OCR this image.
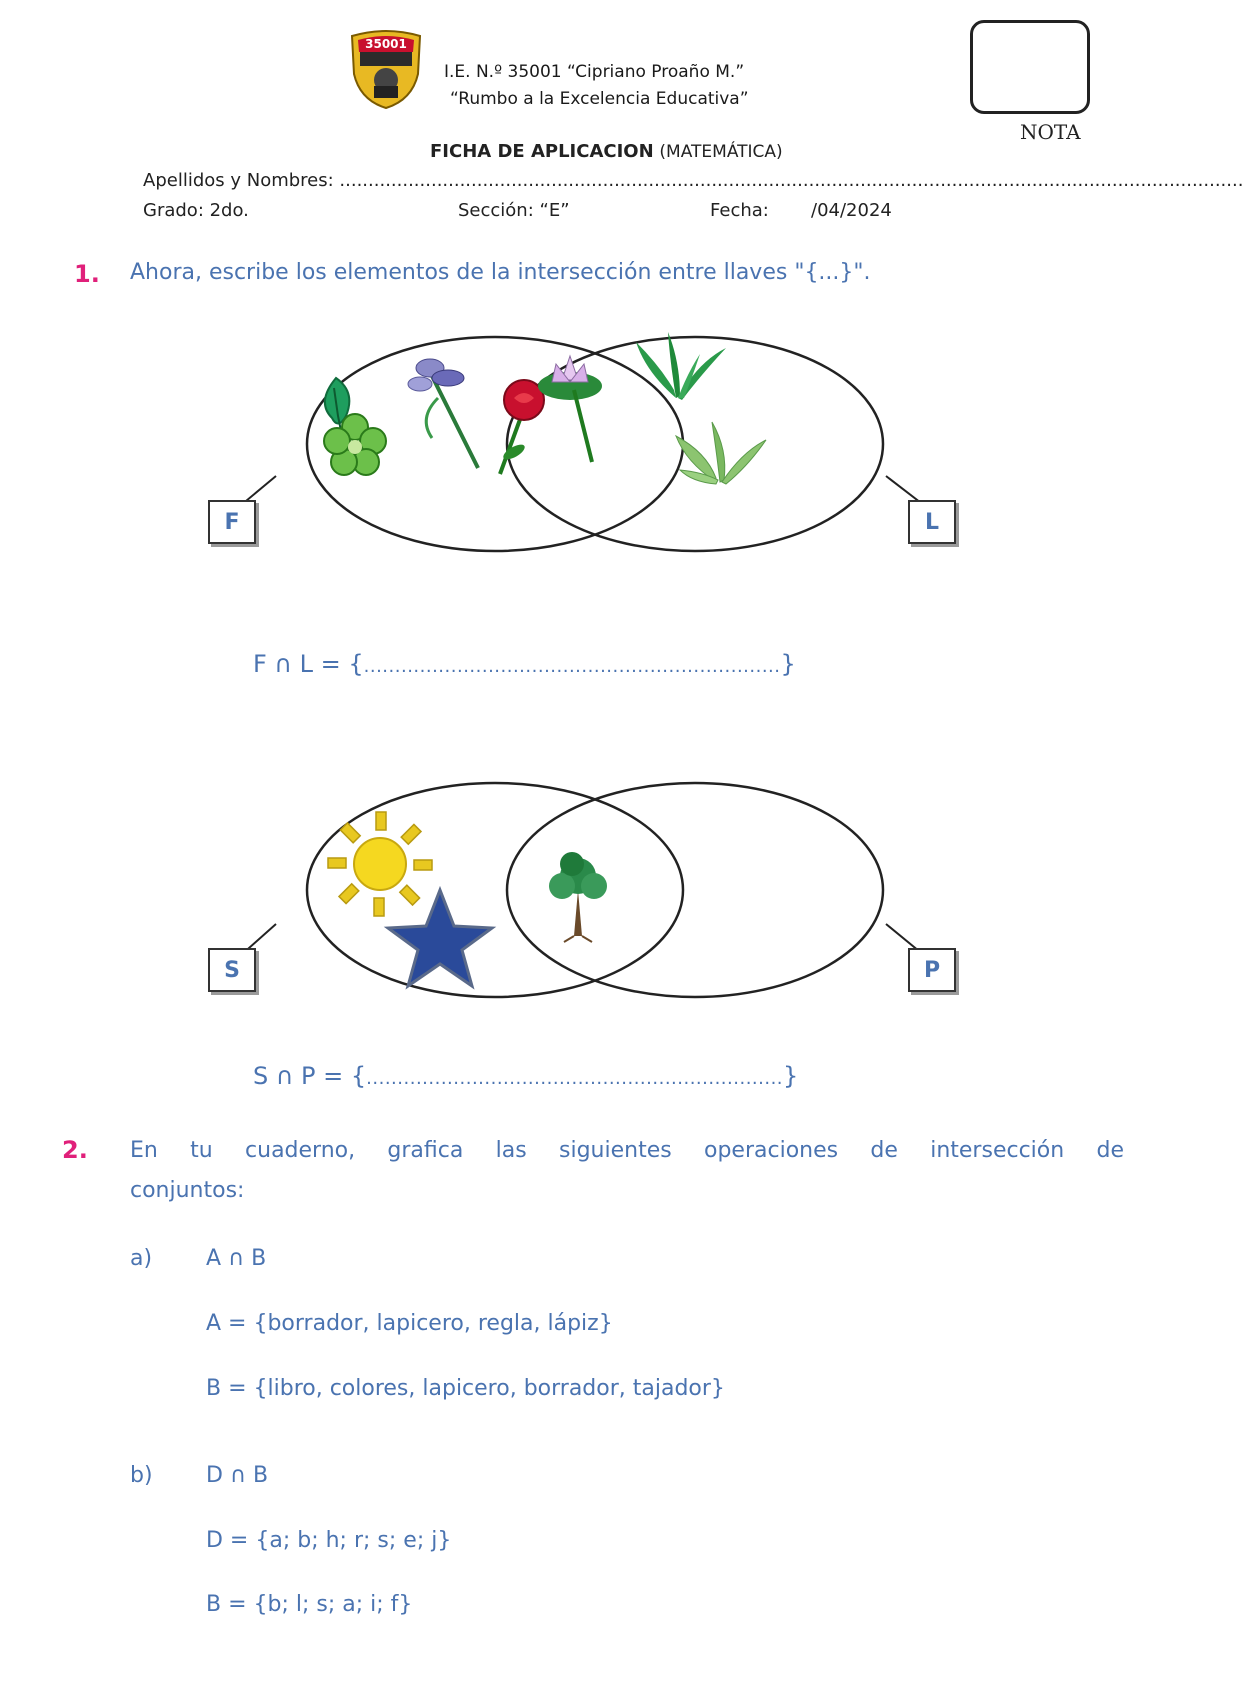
35001
I.E. N.º 35001 “Cipriano Proaño M.”
“Rumbo a la Excelencia Educativa”
NOTA
FICHA DE APLICACION (MATEMÁTICA)
Apellidos y Nombres: ..............................................................................................................................................................
Grado: 2do.	Sección: “E”	Fecha: /04/2024
1. Ahora, escribe los elementos de la intersección entre llaves "{...}".
F	L
F ∩ L = {...................................................................}
S	P
S ∩ P = {...................................................................}
2. En tu cuaderno, grafica las siguientes operaciones de intersección de
conjuntos:
a) A ∩ B
A = {borrador, lapicero, regla, lápiz}
B = {libro, colores, lapicero, borrador, tajador}
b) D ∩ B
D = {a; b; h; r; s; e; j}
B = {b; l; s; a; i; f}
